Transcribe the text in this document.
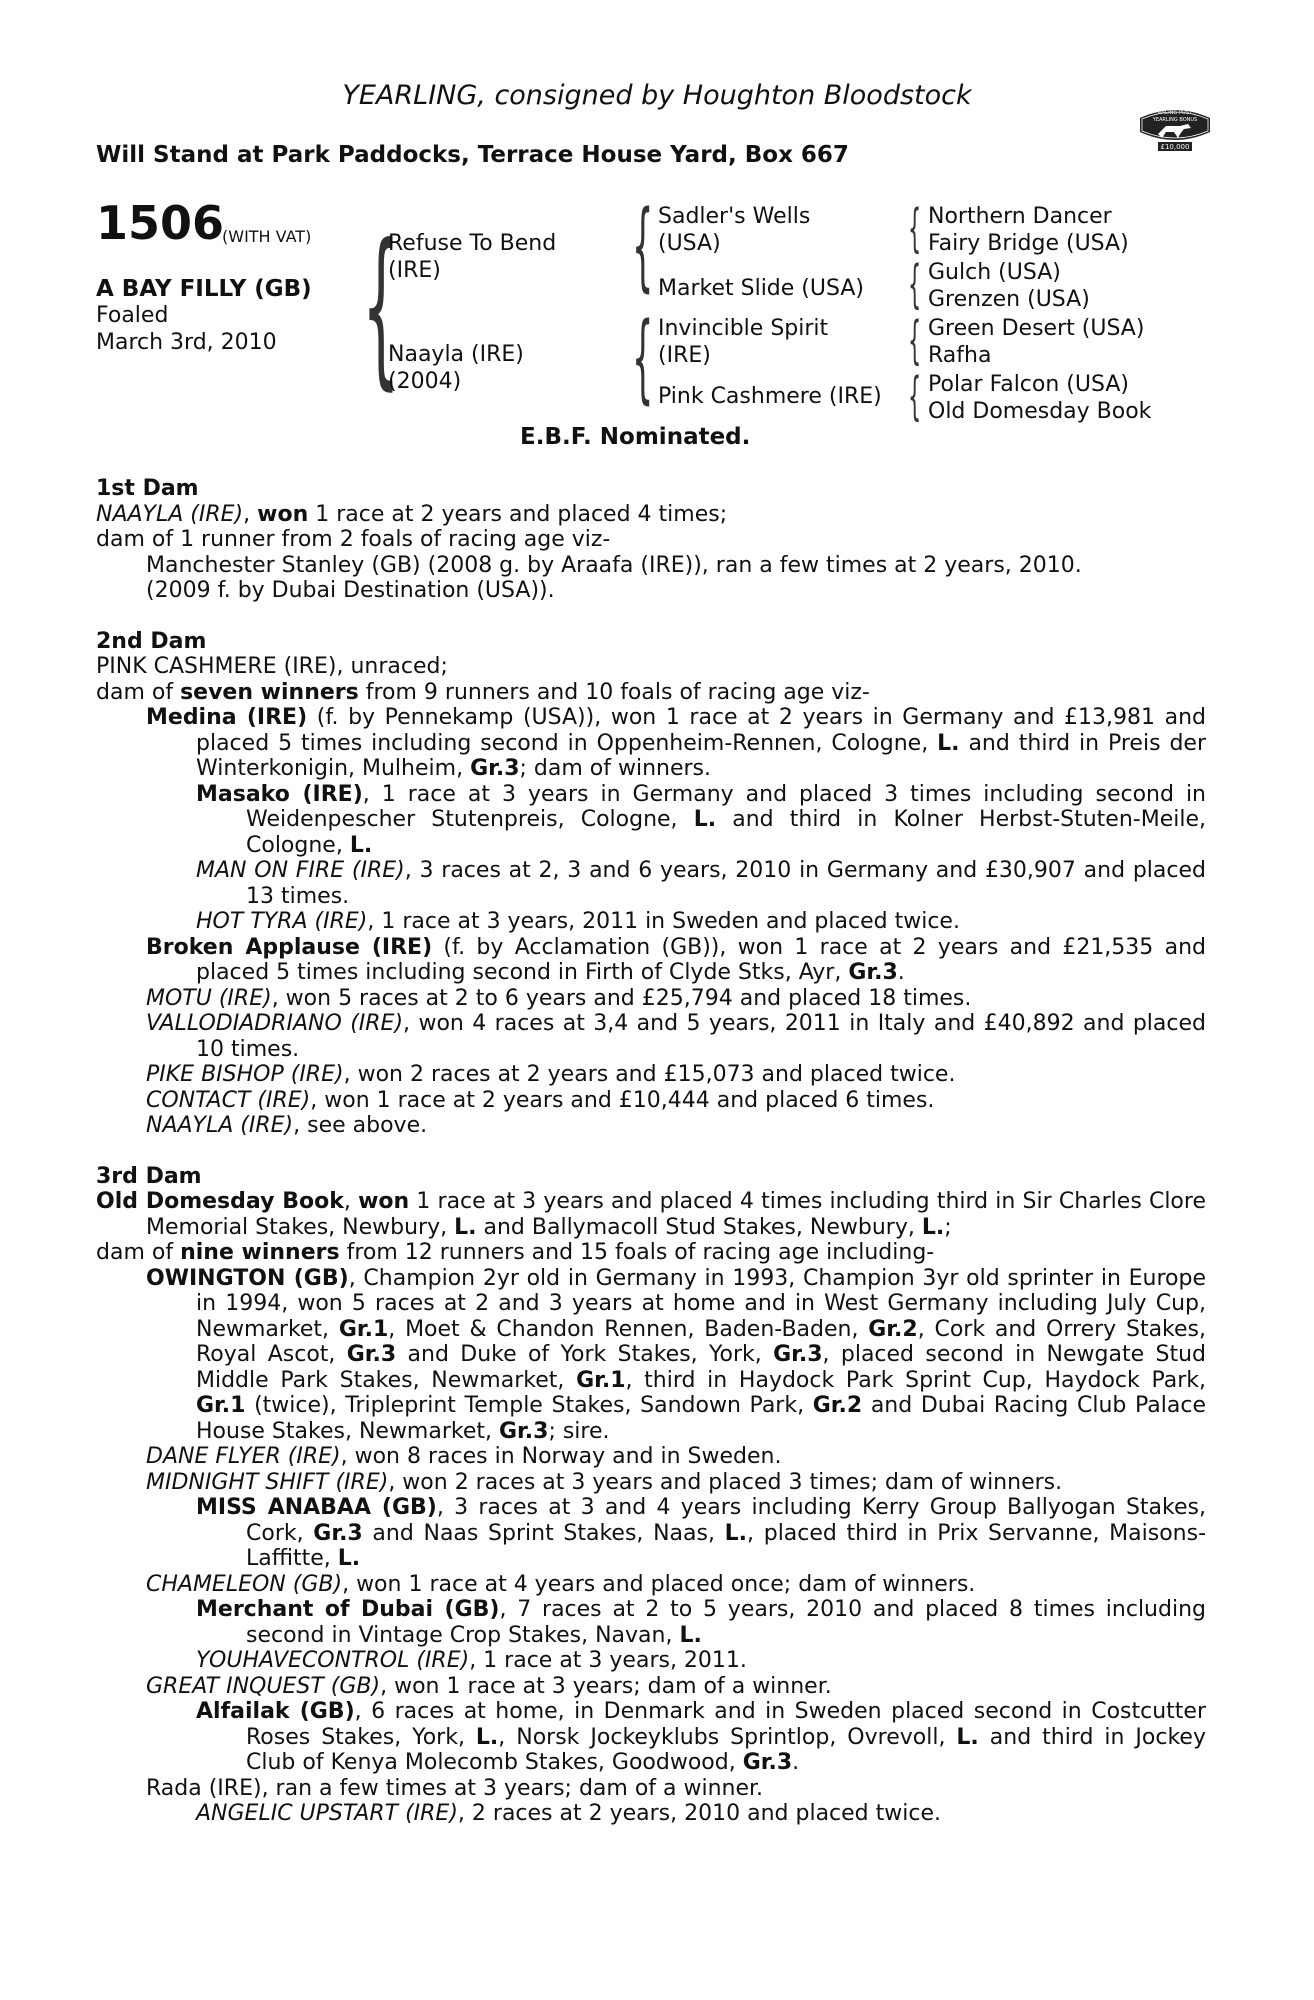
YEARLING, consigned by Houghton Bloodstock
Will Stand at Park Paddocks, Terrace House Yard, Box 667
RACING POST
YEARLING BONUS
£10,000
1506
(WITH VAT)
A BAY FILLY (GB)
Foaled
March 3rd, 2010 {
Refuse To Bend
(IRE)
Naayla (IRE)
(2004)
{ Sadler's Wells
(USA)
Market Slide (USA)
{ Invincible Spirit
(IRE)
Pink Cashmere (IRE)
{ Northern Dancer
Fairy Bridge (USA)
{ Gulch (USA)
Grenzen (USA)
{ Green Desert (USA)
Rafha
{ Polar Falcon (USA)
Old Domesday Book
E.B.F. Nominated.
1st Dam
NAAYLA (IRE), won 1 race at 2 years and placed 4 times;
dam of 1 runner from 2 foals of racing age viz-
Manchester Stanley (GB) (2008 g. by Araafa (IRE)), ran a few times at 2 years, 2010.
(2009 f. by Dubai Destination (USA)).
2nd Dam
PINK CASHMERE (IRE), unraced;
dam of seven winners from 9 runners and 10 foals of racing age viz-
Medina (IRE) (f. by Pennekamp (USA)), won 1 race at 2 years in Germany and £13,981 and placed 5 times including second in Oppenheim-Rennen, Cologne, L. and third in Preis der Winterkonigin, Mulheim, Gr.3; dam of winners.
Masako (IRE), 1 race at 3 years in Germany and placed 3 times including second in Weidenpescher Stutenpreis, Cologne, L. and third in Kolner Herbst-Stuten-Meile, Cologne, L.
MAN ON FIRE (IRE), 3 races at 2, 3 and 6 years, 2010 in Germany and £30,907 and placed 13 times.
HOT TYRA (IRE), 1 race at 3 years, 2011 in Sweden and placed twice.
Broken Applause (IRE) (f. by Acclamation (GB)), won 1 race at 2 years and £21,535 and placed 5 times including second in Firth of Clyde Stks, Ayr, Gr.3.
MOTU (IRE), won 5 races at 2 to 6 years and £25,794 and placed 18 times.
VALLODIADRIANO (IRE), won 4 races at 3,4 and 5 years, 2011 in Italy and £40,892 and placed 10 times.
PIKE BISHOP (IRE), won 2 races at 2 years and £15,073 and placed twice.
CONTACT (IRE), won 1 race at 2 years and £10,444 and placed 6 times.
NAAYLA (IRE), see above.
3rd Dam
Old Domesday Book, won 1 race at 3 years and placed 4 times including third in Sir Charles Clore Memorial Stakes, Newbury, L. and Ballymacoll Stud Stakes, Newbury, L.;
dam of nine winners from 12 runners and 15 foals of racing age including-
OWINGTON (GB), Champion 2yr old in Germany in 1993, Champion 3yr old sprinter in Europe in 1994, won 5 races at 2 and 3 years at home and in West Germany including July Cup, Newmarket, Gr.1, Moet & Chandon Rennen, Baden-Baden, Gr.2, Cork and Orrery Stakes, Royal Ascot, Gr.3 and Duke of York Stakes, York, Gr.3, placed second in Newgate Stud Middle Park Stakes, Newmarket, Gr.1, third in Haydock Park Sprint Cup, Haydock Park, Gr.1 (twice), Tripleprint Temple Stakes, Sandown Park, Gr.2 and Dubai Racing Club Palace House Stakes, Newmarket, Gr.3; sire.
DANE FLYER (IRE), won 8 races in Norway and in Sweden.
MIDNIGHT SHIFT (IRE), won 2 races at 3 years and placed 3 times; dam of winners.
MISS ANABAA (GB), 3 races at 3 and 4 years including Kerry Group Ballyogan Stakes, Cork, Gr.3 and Naas Sprint Stakes, Naas, L., placed third in Prix Servanne, Maisons-Laffitte, L.
CHAMELEON (GB), won 1 race at 4 years and placed once; dam of winners.
Merchant of Dubai (GB), 7 races at 2 to 5 years, 2010 and placed 8 times including second in Vintage Crop Stakes, Navan, L.
YOUHAVECONTROL (IRE), 1 race at 3 years, 2011.
GREAT INQUEST (GB), won 1 race at 3 years; dam of a winner.
Alfailak (GB), 6 races at home, in Denmark and in Sweden placed second in Costcutter Roses Stakes, York, L., Norsk Jockeyklubs Sprintlop, Ovrevoll, L. and third in Jockey Club of Kenya Molecomb Stakes, Goodwood, Gr.3.
Rada (IRE), ran a few times at 3 years; dam of a winner.
ANGELIC UPSTART (IRE), 2 races at 2 years, 2010 and placed twice.
